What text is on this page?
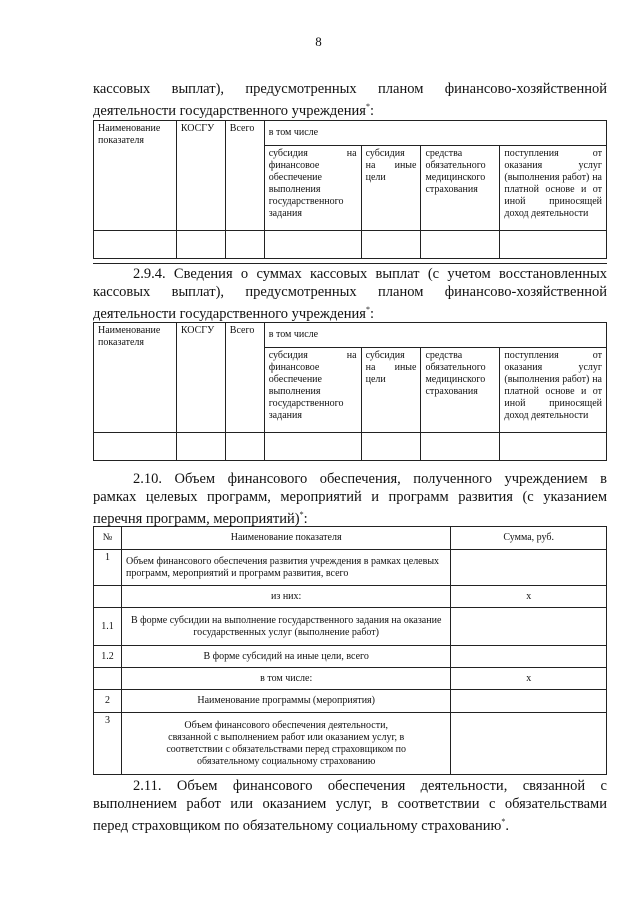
8
кассовых выплат), предусмотренных планом финансово-хозяйственной
деятельности государственного учреждения*:
Наименование показателя	КОСГУ	Всего	в том числе			
			субсидия на финансовое обеспечение выполнения государственного задания	субсидия на иные цели	средства обязательного медицинского страхования	поступления от оказания услуг (выполнения работ) на платной основе и от иной приносящей доход деятельности

2.9.4. Сведения о суммах кассовых выплат (с учетом восстановленных
кассовых выплат), предусмотренных планом финансово-хозяйственной
деятельности государственного учреждения*:
Наименование показателя	КОСГУ	Всего	в том числе			
			субсидия на финансовое обеспечение выполнения государственного задания	субсидия на иные цели	средства обязательного медицинского страхования	поступления от оказания услуг (выполнения работ) на платной основе и от иной приносящей доход деятельности

2.10. Объем финансового обеспечения, полученного учреждением в
рамках целевых программ, мероприятий и программ развития (с указанием
перечня программ, мероприятий)*:
№	Наименование показателя	Сумма, руб.
1	Объем финансового обеспечения развития учреждения в рамках целевых программ, мероприятий и программ развития, всего	
	из них:	x
1.1	В форме субсидии на выполнение государственного задания на оказание государственных услуг (выполнение работ)	
1.2	В форме субсидий на иные цели, всего	
	в том числе:	x
2	Наименование программы (мероприятия)	
3	Объем финансового обеспечения деятельности, связанной с выполнением работ или оказанием услуг, в соответствии с обязательствами перед страховщиком по обязательному социальному страхованию	
2.11. Объем финансового обеспечения деятельности, связанной с
выполнением работ или оказанием услуг, в соответствии с обязательствами
перед страховщиком по обязательному социальному страхованию*.
